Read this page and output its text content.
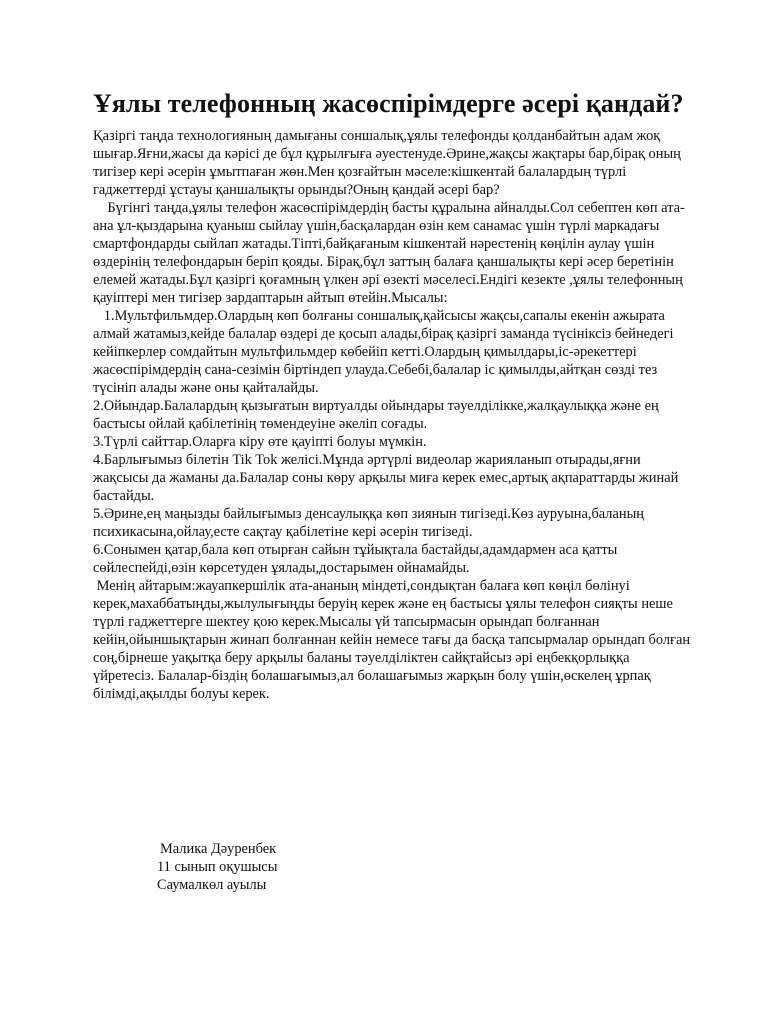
Ұялы телефонның жасөспірімдерге әсері қандай?

Қазіргі таңда технологияның дамығаны соншалық,ұялы телефонды қолданбайтын адам жоқ шығар.Яғни,жасы да кәрісі де бұл құрылғыға әуестенуде.Әрине,жақсы жақтары бар,бірақ оның тигізер кері әсерін ұмытпаған жөн.Мен қозғайтын мәселе:кішкентай балалардың түрлі гаджеттерді ұстауы қаншалықты орынды?Оның қандай әсері бар?

Бүгінгі таңда,ұялы телефон жасөспірімдердің басты құралына айналды.Сол себептен көп ата-ана ұл-қыздарына қуаныш сыйлау үшін,басқалардан өзін кем санамас үшін түрлі маркадағы смартфондарды сыйлап жатады.Тіпті,байқағаным кішкентай нәрестенің көңілін аулау үшін өздерінің телефондарын беріп қояды. Бірақ,бұл заттың балаға қаншалықты кері әсер беретінін елемей жатады.Бұл қазіргі қоғамның үлкен әрі өзекті мәселесі.Ендігі кезекте ,ұялы телефонның қауіптері мен тигізер зардаптарын айтып өтейін.Мысалы:

1.Мультфильмдер.Олардың көп болғаны соншалық,қайсысы жақсы,сапалы екенін ажырата алмай жатамыз,кейде балалар өздері де қосып алады,бірақ қазіргі заманда түсініксіз бейнедегі кейіпкерлер сомдайтын мультфильмдер көбейіп кетті.Олардың қимылдары,іс-әрекеттері жасөспірімдердің сана-сезімін біртіндеп улауда.Себебі,балалар іс қимылды,айтқан сөзді тез түсініп алады және оны қайталайды.

2.Ойындар.Балалардың қызығатын виртуалды ойындары тәуелділікке,жалқаулыққа және ең бастысы ойлай қабілетінің төмендеуіне әкеліп соғады.

3.Түрлі сайттар.Оларға кіру өте қауіпті болуы мүмкін.

4.Барлығымыз білетін Tik Tok желісі.Мұнда әртүрлі видеолар жарияланып отырады,яғни жақсысы да жаманы да.Балалар соны көру арқылы миға керек емес,артық ақпараттарды жинай бастайды.

5.Әрине,ең маңызды байлығымыз денсаулыққа көп зиянын тигізеді.Көз ауруына,баланың психикасына,ойлау,есте сақтау қабілетіне кері әсерін тигізеді.

6.Сонымен қатар,бала көп отырған сайын тұйықтала бастайды,адамдармен аса қатты сөйлеспейді,өзін көрсетуден ұялады,достарымен ойнамайды.

Менің айтарым:жауапкершілік ата-ананың міндеті,сондықтан балаға көп көңіл бөлінуі керек,махаббатыңды,жылулығыңды беруің керек және ең бастысы ұялы телефон сияқты неше түрлі гаджеттерге шектеу қою керек.Мысалы үй тапсырмасын орындап болғаннан кейін,ойыншықтарын жинап болғаннан кейін немесе тағы да басқа тапсырмалар орындап болған соң,бірнеше уақытқа беру арқылы баланы тәуелділіктен сайқтайсыз әрі еңбекқорлыққа үйретесіз. Балалар-біздің болашағымыз,ал болашағымыз жарқын болу үшін,өскелең ұрпақ білімді,ақылды болуы керек.

Малика Дәуренбек
11 сынып оқушысы
Саумалкөл ауылы
